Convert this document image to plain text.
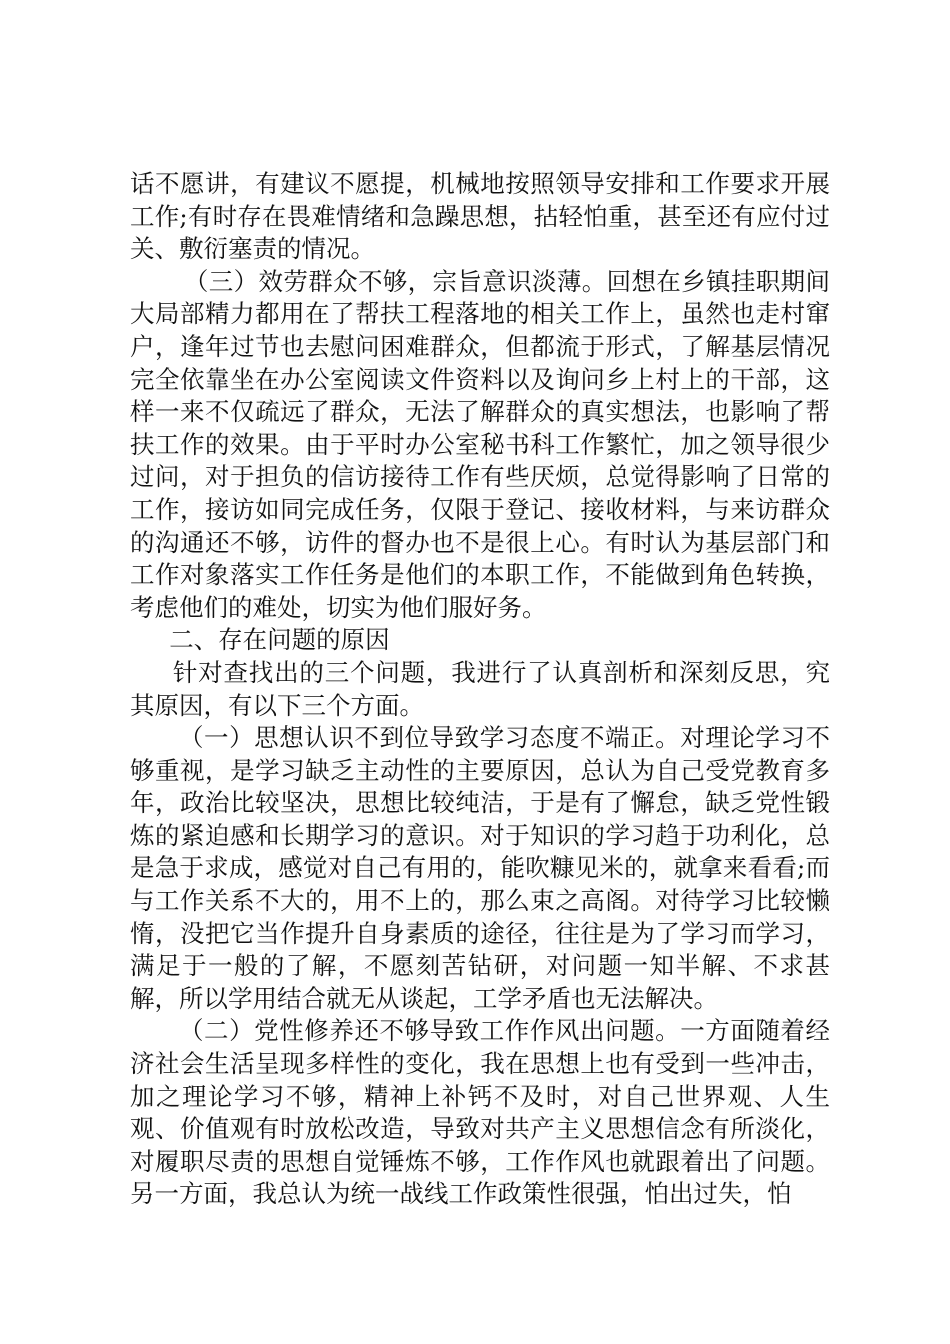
话不愿讲，有建议不愿提，机械地按照领导安排和工作要求开展工作;有时存在畏难情绪和急躁思想，拈轻怕重，甚至还有应付过关、敷衍塞责的情况。

（三）效劳群众不够，宗旨意识淡薄。回想在乡镇挂职期间大局部精力都用在了帮扶工程落地的相关工作上，虽然也走村窜户，逢年过节也去慰问困难群众，但都流于形式，了解基层情况完全依靠坐在办公室阅读文件资料以及询问乡上村上的干部，这样一来不仅疏远了群众，无法了解群众的真实想法，也影响了帮扶工作的效果。由于平时办公室秘书科工作繁忙，加之领导很少过问，对于担负的信访接待工作有些厌烦，总觉得影响了日常的工作，接访如同完成任务，仅限于登记、接收材料，与来访群众的沟通还不够，访件的督办也不是很上心。有时认为基层部门和工作对象落实工作任务是他们的本职工作，不能做到角色转换，考虑他们的难处，切实为他们服好务。

二、存在问题的原因

针对查找出的三个问题，我进行了认真剖析和深刻反思，究其原因，有以下三个方面。

（一）思想认识不到位导致学习态度不端正。对理论学习不够重视，是学习缺乏主动性的主要原因，总认为自己受党教育多年，政治比较坚决，思想比较纯洁，于是有了懈怠，缺乏党性锻炼的紧迫感和长期学习的意识。对于知识的学习趋于功利化，总是急于求成，感觉对自己有用的，能吹糠见米的，就拿来看看;而与工作关系不大的，用不上的，那么束之高阁。对待学习比较懒惰，没把它当作提升自身素质的途径，往往是为了学习而学习，满足于一般的了解，不愿刻苦钻研，对问题一知半解、不求甚解，所以学用结合就无从谈起，工学矛盾也无法解决。

（二）党性修养还不够导致工作作风出问题。一方面随着经济社会生活呈现多样性的变化，我在思想上也有受到一些冲击，加之理论学习不够，精神上补钙不及时，对自己世界观、人生观、价值观有时放松改造，导致对共产主义思想信念有所淡化，对履职尽责的思想自觉锤炼不够，工作作风也就跟着出了问题。另一方面，我总认为统一战线工作政策性很强，怕出过失，怕
